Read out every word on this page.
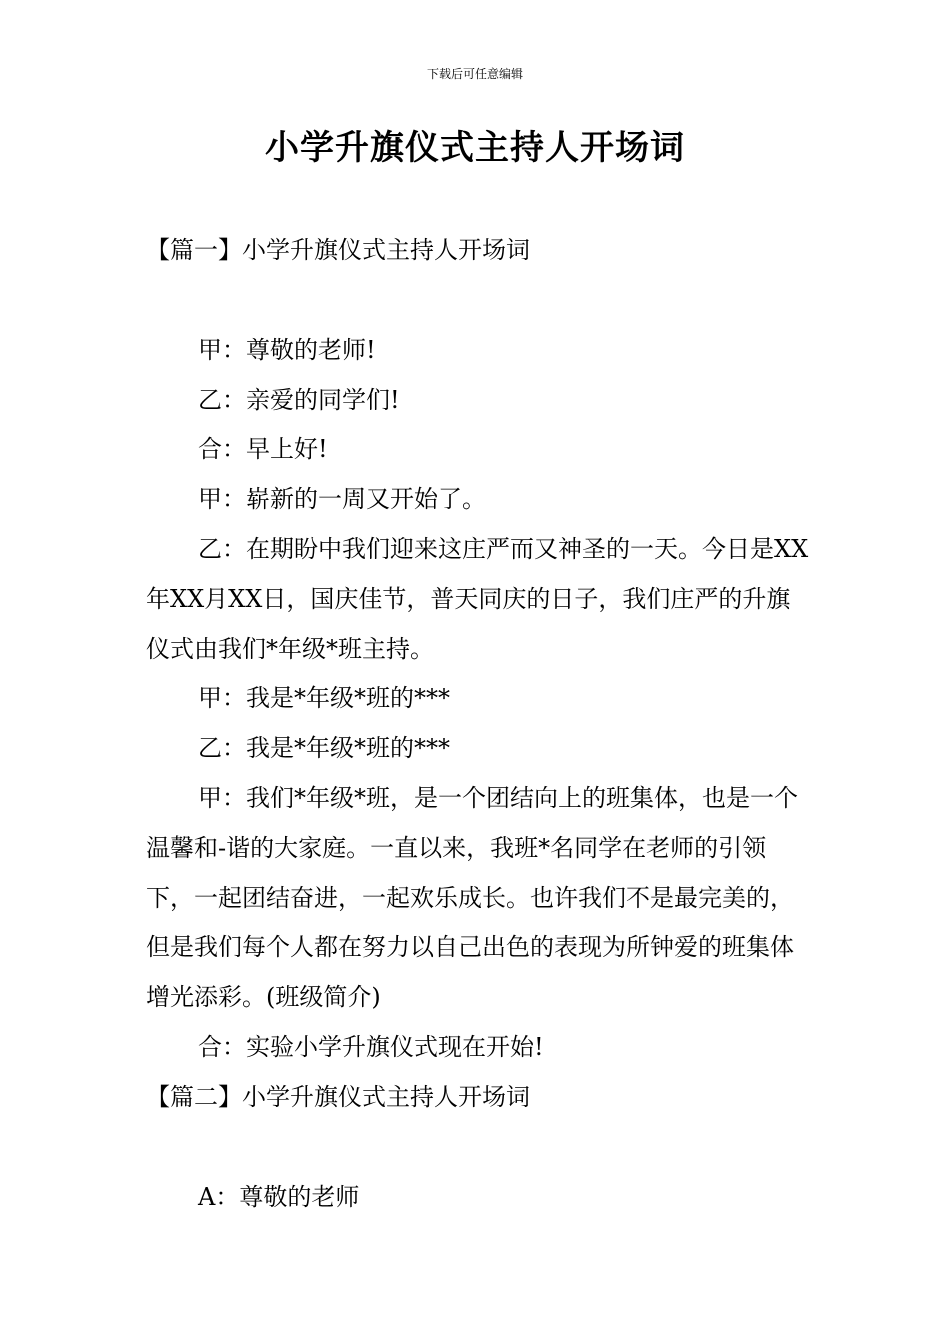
下载后可任意编辑
小学升旗仪式主持人开场词

【篇一】小学升旗仪式主持人开场词

甲：尊敬的老师!

乙：亲爱的同学们!

合：早上好!

甲：崭新的一周又开始了。

乙：在期盼中我们迎来这庄严而又神圣的一天。今日是XX年XX月XX日，国庆佳节，普天同庆的日子，我们庄严的升旗仪式由我们*年级*班主持。

甲：我是*年级*班的***

乙：我是*年级*班的***

甲：我们*年级*班，是一个团结向上的班集体，也是一个温馨和-谐的大家庭。一直以来，我班*名同学在老师的引领下，一起团结奋进，一起欢乐成长。也许我们不是最完美的，但是我们每个人都在努力以自己出色的表现为所钟爱的班集体增光添彩。(班级简介)

合：实验小学升旗仪式现在开始!

【篇二】小学升旗仪式主持人开场词

A：尊敬的老师
